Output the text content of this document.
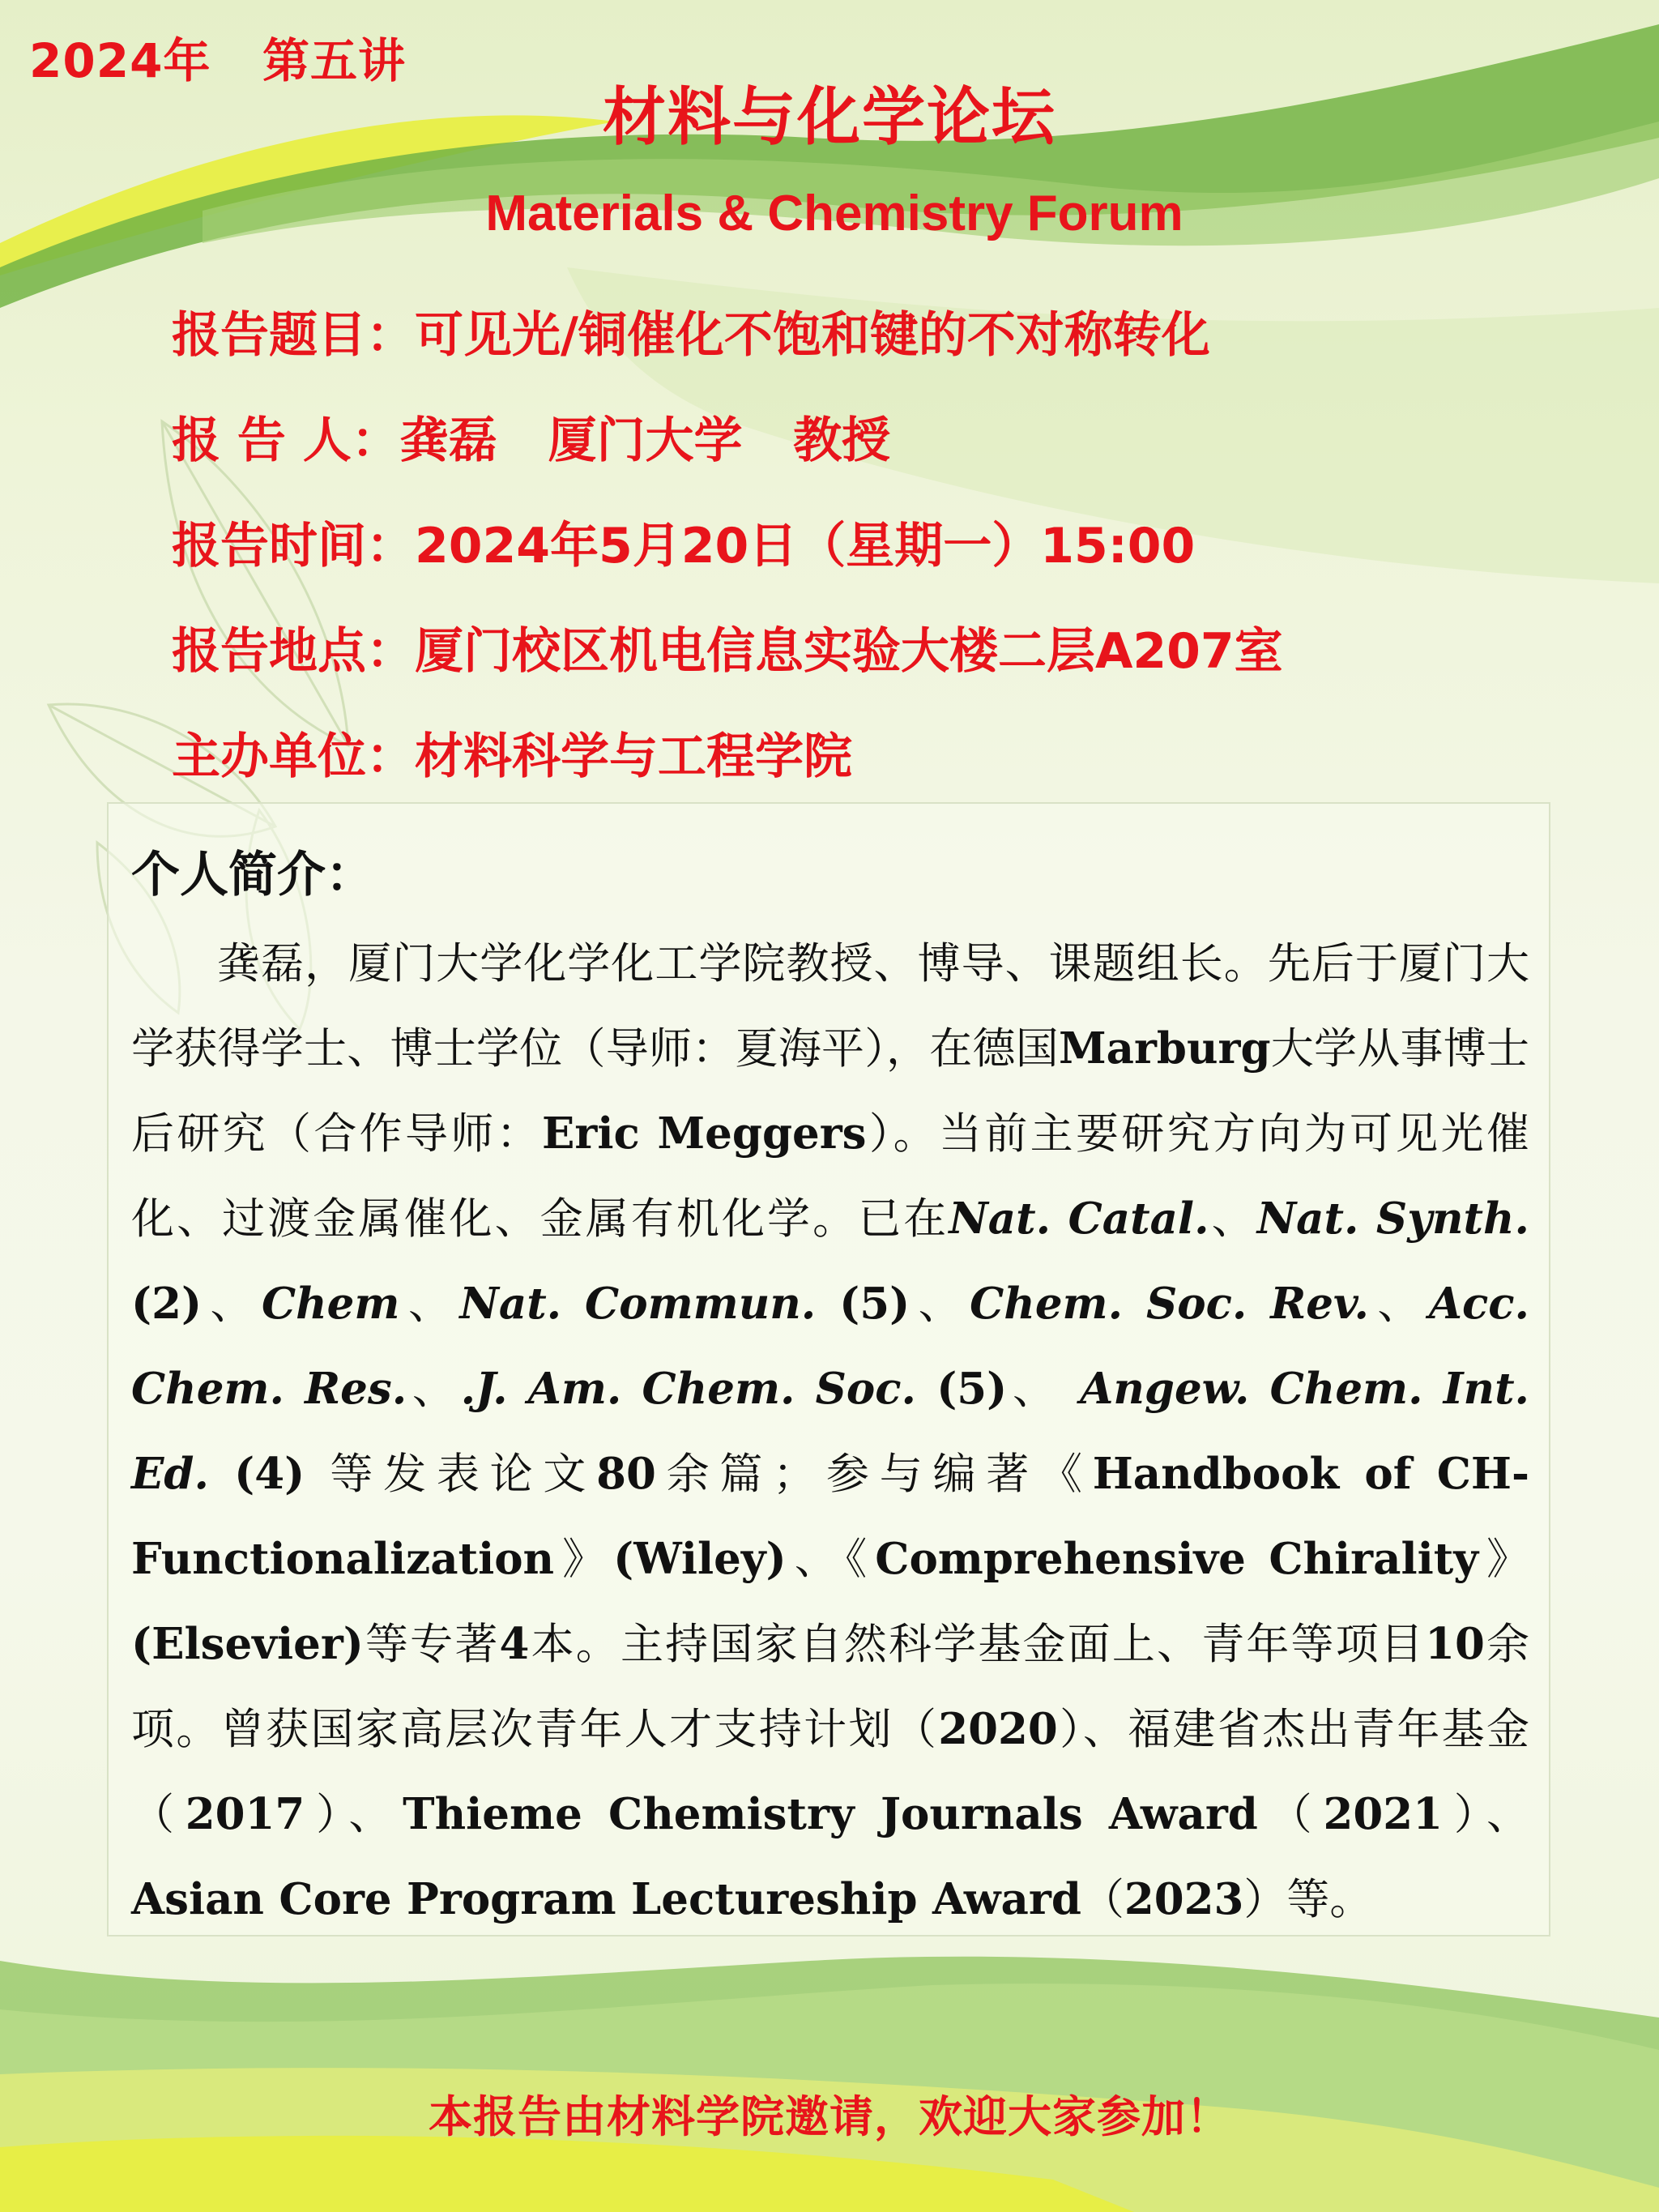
2024年   第五讲
材料与化学论坛
Materials & Chemistry Forum
报告题目：可见光/铜催化不饱和键的不对称转化
报 告 人：龚磊   厦门大学   教授
报告时间：2024年5月20日（星期一）15:00
报告地点：厦门校区机电信息实验大楼二层A207室
主办单位：材料科学与工程学院
个人简介：
龚磊，厦门大学化学化工学院教授、博导、课题组长。先后于厦门大学获得学士、博士学位（导师：夏海平），在德国Marburg大学从事博士后研究（合作导师：Eric Meggers）。当前主要研究方向为可见光催化、过渡金属催化、金属有机化学。已在Nat. Catal.、Nat. Synth. (2)、Chem、Nat. Commun. (5)、Chem. Soc. Rev.、Acc. Chem. Res.、.J. Am. Chem. Soc. (5)、 Angew. Chem. Int. Ed. (4) 等发表论文80余篇；参与编著《Handbook of CH-Functionalization》(Wiley)、《Comprehensive Chirality》 (Elsevier)等专著4本。主持国家自然科学基金面上、青年等项目10余项。曾获国家高层次青年人才支持计划（2020）、福建省杰出青年基金（2017）、Thieme Chemistry Journals Award（2021）、Asian Core Program Lectureship Award（2023）等。
本报告由材料学院邀请，欢迎大家参加！
